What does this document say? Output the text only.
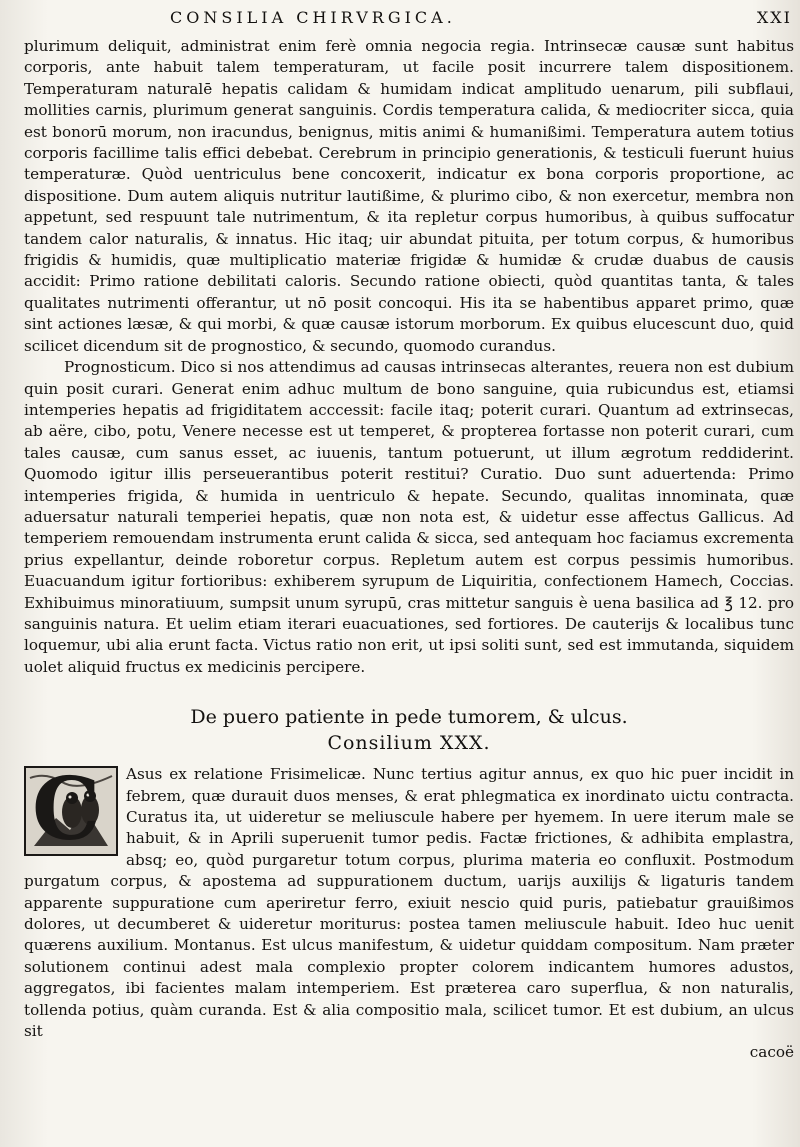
CONSILIA CHIRVRGICA.	XXI

plurimum deliquit, administrat enim ferè omnia negocia regia. Intrinsecæ causæ sunt habitus corporis, ante habuit talem temperaturam, ut facile posit incurrere talem dispositionem. Temperaturam naturalē hepatis calidam & humidam indicat amplitudo uenarum, pili subflaui, mollities carnis, plurimum generat sanguinis. Cordis temperatura calida, & mediocriter sicca, quia est bonorū morum, non iracundus, benignus, mitis animi & humanißimi. Temperatura autem totius corporis facillime talis effici debebat. Cerebrum in principio generationis, & testiculi fuerunt huius temperaturæ. Quòd uentriculus bene concoxerit, indicatur ex bona corporis proportione, ac dispositione. Dum autem aliquis nutritur lautißime, & plurimo cibo, & non exercetur, membra non appetunt, sed respuunt tale nutrimentum, & ita repletur corpus humoribus, à quibus suffocatur tandem calor naturalis, & innatus. Hic itaq; uir abundat pituita, per totum corpus, & humoribus frigidis & humidis, quæ multiplicatio materiæ frigidæ & humidæ & crudæ duabus de causis accidit: Primo ratione debilitati caloris. Secundo ratione obiecti, quòd quantitas tanta, & tales qualitates nutrimenti offerantur, ut nō posit concoqui. His ita se habentibus apparet primo, quæ sint actiones læsæ, & qui morbi, & quæ causæ istorum morborum. Ex quibus elucescunt duo, quid scilicet dicendum sit de prognostico, & secundo, quomodo curandus.

Prognosticum. Dico si nos attendimus ad causas intrinsecas alterantes, reuera non est dubium quin posit curari. Generat enim adhuc multum de bono sanguine, quia rubicundus est, etiamsi intemperies hepatis ad frigiditatem acccessit: facile itaq; poterit curari. Quantum ad extrinsecas, ab aëre, cibo, potu, Venere necesse est ut temperet, & propterea fortasse non poterit curari, cum tales causæ, cum sanus esset, ac iuuenis, tantum potuerunt, ut illum ægrotum reddiderint. Quomodo igitur illis perseuerantibus poterit restitui? Curatio. Duo sunt aduertenda: Primo intemperies frigida, & humida in uentriculo & hepate. Secundo, qualitas innominata, quæ aduersatur naturali temperiei hepatis, quæ non nota est, & uidetur esse affectus Gallicus. Ad temperiem remouendam instrumenta erunt calida & sicca, sed antequam hoc faciamus excrementa prius expellantur, deinde roboretur corpus. Repletum autem est corpus pessimis humoribus. Euacuandum igitur fortioribus: exhiberem syrupum de Liquiritia, confectionem Hamech, Coccias. Exhibuimus minoratiuum, sumpsit unum syrupū, cras mittetur sanguis è uena basilica ad ℥ 12. pro sanguinis natura. Et uelim etiam iterari euacuationes, sed fortiores. De cauterijs & localibus tunc loquemur, ubi alia erunt facta. Victus ratio non erit, ut ipsi soliti sunt, sed est immutanda, siquidem uolet aliquid fructus ex medicinis percipere.

De puero patiente in pede tumorem, & ulcus.
Consilium XXX.
C	Asus ex relatione Frisimelicæ. Nunc tertius agitur annus, ex quo hic puer incidit in febrem, quæ durauit duos menses, & erat phlegmatica ex inordinato uictu contracta. Curatus ita, ut uideretur se meliuscule habere per hyemem. In uere iterum male se habuit, & in Aprili superuenit tumor pedis. Factæ frictiones, & adhibita emplastra, absq; eo, quòd purgaretur totum corpus, plurima materia eo confluxit. Postmodum purgatum corpus, & apostema ad suppurationem ductum, uarijs auxilijs & ligaturis tandem apparente suppuratione cum aperiretur ferro, exiuit nescio quid puris, patiebatur grauißimos dolores, ut decumberet & uideretur moriturus: postea tamen meliuscule habuit. Ideo huc uenit quærens auxilium. Montanus. Est ulcus manifestum, & uidetur quiddam compositum. Nam præter solutionem continui adest mala complexio propter colorem indicantem humores adustos, aggregatos, ibi facientes malam intemperiem. Est præterea caro superflua, & non naturalis, tollenda potius, quàm curanda. Est & alia compositio mala, scilicet tumor. Et est dubium, an ulcus sit

cacoë
